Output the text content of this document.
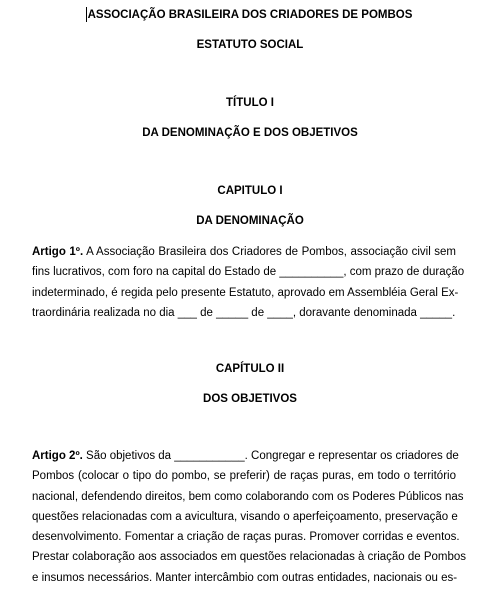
ASSOCIAÇÃO BRASILEIRA DOS CRIADORES DE POMBOS
ESTATUTO SOCIAL
TÍTULO I
DA DENOMINAÇÃO E DOS OBJETIVOS
CAPITULO I
DA DENOMINAÇÃO
Artigo 1º. A Associação Brasileira dos Criadores de Pombos, associação civil sem
fins lucrativos, com foro na capital do Estado de __________, com prazo de duração
indeterminado, é regida pelo presente Estatuto, aprovado em Assembléia Geral Ex-
traordinária realizada no dia ___ de _____ de ____, doravante denominada _____.
CAPÍTULO II
DOS OBJETIVOS
Artigo 2º. São objetivos da ___________. Congregar e representar os criadores de
Pombos (colocar o tipo do pombo, se preferir) de raças puras, em todo o território
nacional, defendendo direitos, bem como colaborando com os Poderes Públicos nas
questões relacionadas com a avicultura, visando o aperfeiçoamento, preservação e
desenvolvimento. Fomentar a criação de raças puras. Promover corridas e eventos.
Prestar colaboração aos associados em questões relacionadas à criação de Pombos
e insumos necessários. Manter intercâmbio com outras entidades, nacionais ou es-
